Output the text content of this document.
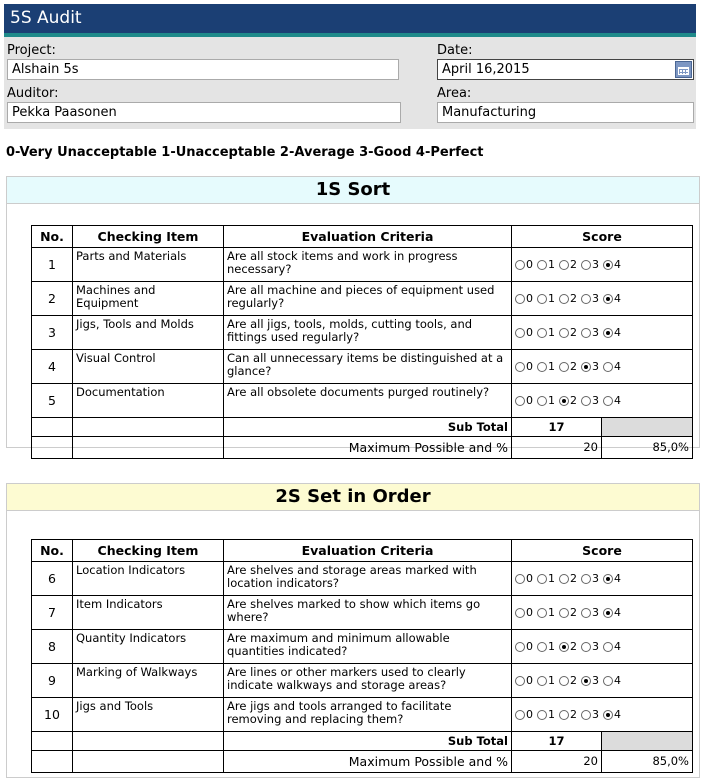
5S Audit
Project:
Alshain 5s
Date:
April 16,2015
Auditor:
Pekka Paasonen
Area:
Manufacturing
0-Very Unacceptable 1-Unacceptable 2-Average 3-Good 4-Perfect
1S Sort
No.	Checking Item	Evaluation Criteria	Score	
1	Parts and Materials	Are all stock items and work in progress necessary?	0 1 2 3 4	
2	Machines and Equipment	Are all machine and pieces of equipment used regularly?	0 1 2 3 4	
3	Jigs, Tools and Molds	Are all jigs, tools, molds, cutting tools, and fittings used regularly?	0 1 2 3 4	
4	Visual Control	Can all unnecessary items be distinguished at a glance?	0 1 2 3 4	
5	Documentation	Are all obsolete documents purged routinely?	0 1 2 3 4	
		Sub Total	17	
		Maximum Possible and %	20	85,0%
2S Set in Order
No.	Checking Item	Evaluation Criteria	Score	
6	Location Indicators	Are shelves and storage areas marked with location indicators?	0 1 2 3 4	
7	Item Indicators	Are shelves marked to show which items go where?	0 1 2 3 4	
8	Quantity Indicators	Are maximum and minimum allowable quantities indicated?	0 1 2 3 4	
9	Marking of Walkways	Are lines or other markers used to clearly indicate walkways and storage areas?	0 1 2 3 4	
10	Jigs and Tools	Are jigs and tools arranged to facilitate removing and replacing them?	0 1 2 3 4	
		Sub Total	17	
		Maximum Possible and %	20	85,0%
